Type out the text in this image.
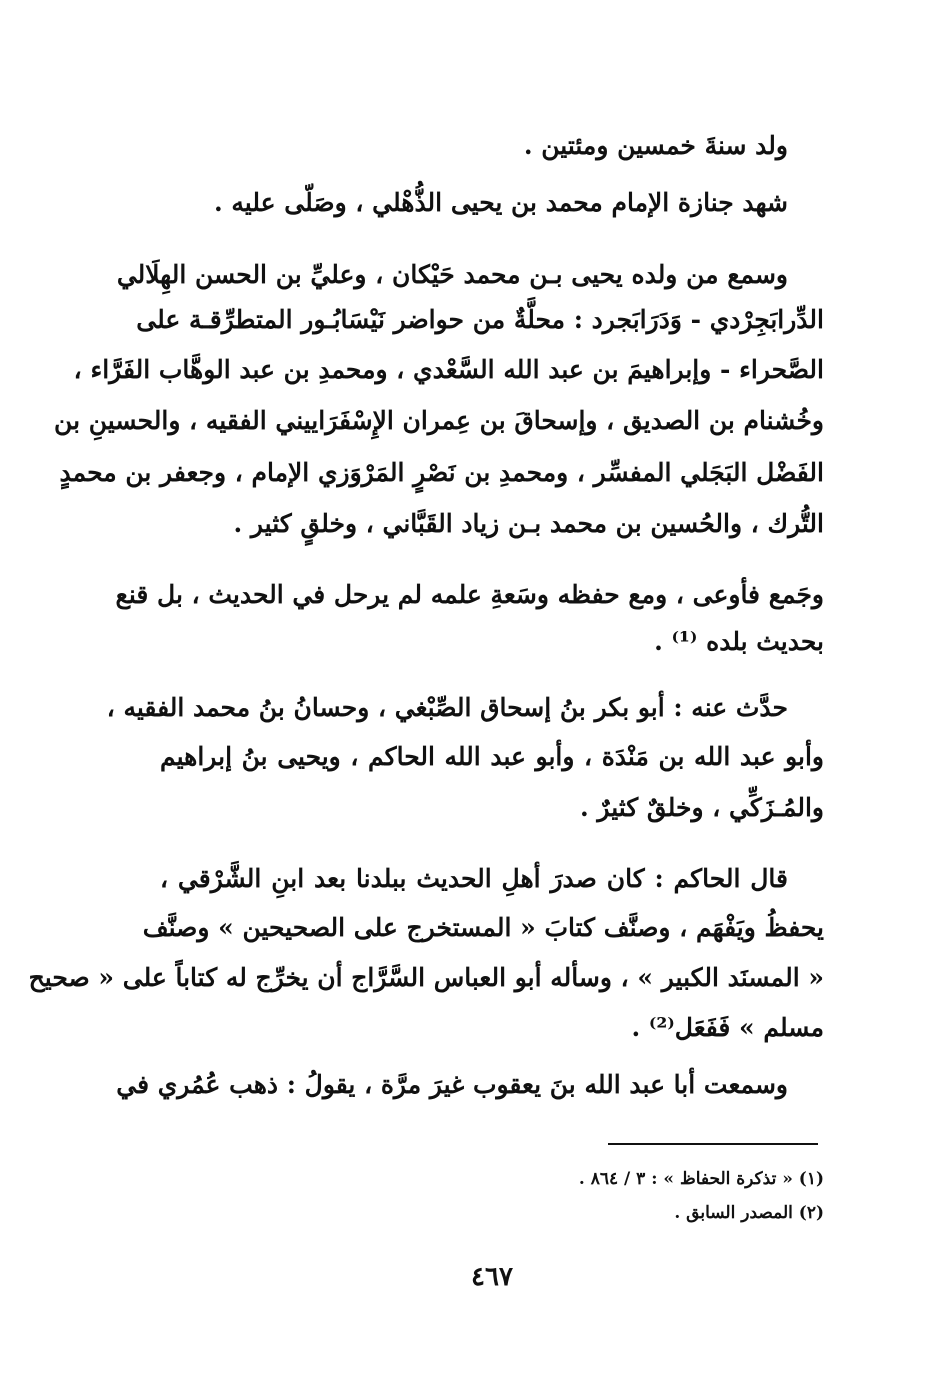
ولد سنةَ خمسين ومئتين .
شهد جنازة الإمام محمد بن يحيى الذُّهْلي ، وصَلّى عليه .
وسمع من ولده يحيى بـن محمد حَيْكان ، وعليِّ بن الحسن الهِلَالي
الدِّرابَجِرْدي - وَدَرَابَجرد : محلَّةٌ من حواضر نَيْسَابُـور المتطرِّقـة على
الصَّحراء - وإبراهيمَ بن عبد الله السَّعْدي ، ومحمدِ بن عبد الوهَّاب الفَرَّاء ،
وخُشنام بن الصديق ، وإسحاقَ بن عِمران الإِسْفَرَاييني الفقيه ، والحسينِ بن
الفَضْل البَجَلي المفسِّر ، ومحمدِ بن نَصْرٍ المَرْوَزي الإمام ، وجعفر بن محمدٍ
التُّرك ، والحُسين بن محمد بـن زياد القَبَّاني ، وخلقٍ كثير .
وجَمع فأوعى ، ومع حفظه وسَعةِ علمه لم يرحل في الحديث ، بل قنع
بحديث بلده ⁽¹⁾ .
حدَّث عنه : أبو بكر بنُ إسحاق الصِّبْغي ، وحسانُ بنُ محمد الفقيه ،
وأبو عبد الله بن مَنْدَة ، وأبو عبد الله الحاكم ، ويحيى بنُ إبراهيم
والمُـزَكِّي ، وخلقٌ كثيرٌ .
قال الحاكم : كان صدرَ أهلِ الحديث ببلدنا بعد ابنِ الشَّرْقي ،
يحفظُ ويَفْهَم ، وصنَّف كتابَ « المستخرج على الصحيحين » وصنَّف
« المسنَد الكبير » ، وسأله أبو العباس السَّرَّاج أن يخرِّج له كتاباً على « صحيح
مسلم » فَفَعَل⁽²⁾ .
وسمعت أبا عبد الله بنَ يعقوب غيرَ مرَّة ، يقولُ : ذهب عُمُري في
(١) « تذكرة الحفاظ » : ٣ / ٨٦٤ .
(٢) المصدر السابق .
٤٦٧
